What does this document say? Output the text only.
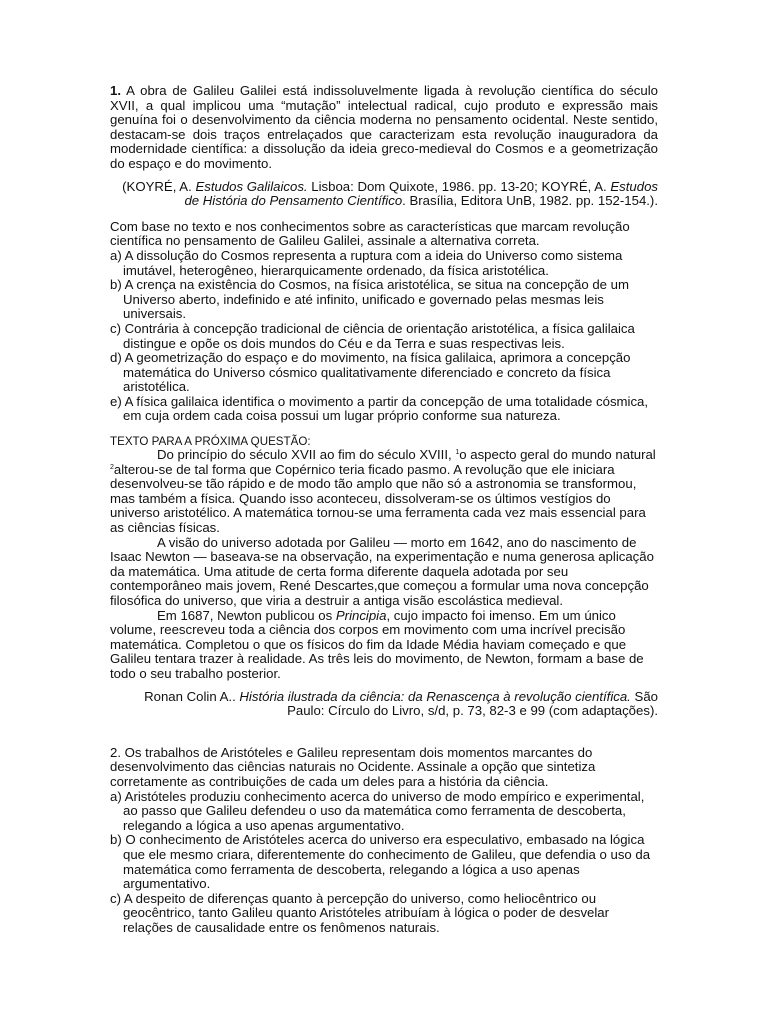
1. A obra de Galileu Galilei está indissoluvelmente ligada à revolução científica do século XVII, a qual implicou uma “mutação” intelectual radical, cujo produto e expressão mais genuína foi o desenvolvimento da ciência moderna no pensamento ocidental. Neste sentido, destacam-se dois traços entrelaçados que caracterizam esta revolução inauguradora da modernidade científica: a dissolução da ideia greco-medieval do Cosmos e a geometrização do espaço e do movimento.

(KOYRÉ, A. Estudos Galilaicos. Lisboa: Dom Quixote, 1986. pp. 13-20; KOYRÉ, A. Estudos de História do Pensamento Científico. Brasília, Editora UnB, 1982. pp. 152-154.).

Com base no texto e nos conhecimentos sobre as características que marcam revolução científica no pensamento de Galileu Galilei, assinale a alternativa correta.

a) A dissolução do Cosmos representa a ruptura com a ideia do Universo como sistema imutável, heterogêneo, hierarquicamente ordenado, da física aristotélica.

b) A crença na existência do Cosmos, na física aristotélica, se situa na concepção de um Universo aberto, indefinido e até infinito, unificado e governado pelas mesmas leis universais.

c) Contrária à concepção tradicional de ciência de orientação aristotélica, a física galilaica distingue e opõe os dois mundos do Céu e da Terra e suas respectivas leis.

d) A geometrização do espaço e do movimento, na física galilaica, aprimora a concepção matemática do Universo cósmico qualitativamente diferenciado e concreto da física aristotélica.

e) A física galilaica identifica o movimento a partir da concepção de uma totalidade cósmica, em cuja ordem cada coisa possui um lugar próprio conforme sua natureza.

TEXTO PARA A PRÓXIMA QUESTÃO:

Do princípio do século XVII ao fim do século XVIII, $^1$o aspecto geral do mundo natural $^2$alterou-se de tal forma que Copérnico teria ficado pasmo. A revolução que ele iniciara desenvolveu-se tão rápido e de modo tão amplo que não só a astronomia se transformou, mas também a física. Quando isso aconteceu, dissolveram-se os últimos vestígios do universo aristotélico. A matemática tornou-se uma ferramenta cada vez mais essencial para as ciências físicas.

A visão do universo adotada por Galileu — morto em 1642, ano do nascimento de Isaac Newton — baseava-se na observação, na experimentação e numa generosa aplicação da matemática. Uma atitude de certa forma diferente daquela adotada por seu contemporâneo mais jovem, René Descartes,que começou a formular uma nova concepção filosófica do universo, que viria a destruir a antiga visão escolástica medieval.

Em 1687, Newton publicou os Principia, cujo impacto foi imenso. Em um único volume, reescreveu toda a ciência dos corpos em movimento com uma incrível precisão matemática. Completou o que os físicos do fim da Idade Média haviam começado e que Galileu tentara trazer à realidade. As três leis do movimento, de Newton, formam a base de todo o seu trabalho posterior.

Ronan Colin A.. História ilustrada da ciência: da Renascença à revolução científica. São Paulo: Círculo do Livro, s/d, p. 73, 82-3 e 99 (com adaptações).

2. Os trabalhos de Aristóteles e Galileu representam dois momentos marcantes do desenvolvimento das ciências naturais no Ocidente. Assinale a opção que sintetiza corretamente as contribuições de cada um deles para a história da ciência.

a) Aristóteles produziu conhecimento acerca do universo de modo empírico e experimental, ao passo que Galileu defendeu o uso da matemática como ferramenta de descoberta, relegando a lógica a uso apenas argumentativo.

b) O conhecimento de Aristóteles acerca do universo era especulativo, embasado na lógica que ele mesmo criara, diferentemente do conhecimento de Galileu, que defendia o uso da matemática como ferramenta de descoberta, relegando a lógica a uso apenas argumentativo.

c) A despeito de diferenças quanto à percepção do universo, como heliocêntrico ou geocêntrico, tanto Galileu quanto Aristóteles atribuíam à lógica o poder de desvelar relações de causalidade entre os fenômenos naturais.
